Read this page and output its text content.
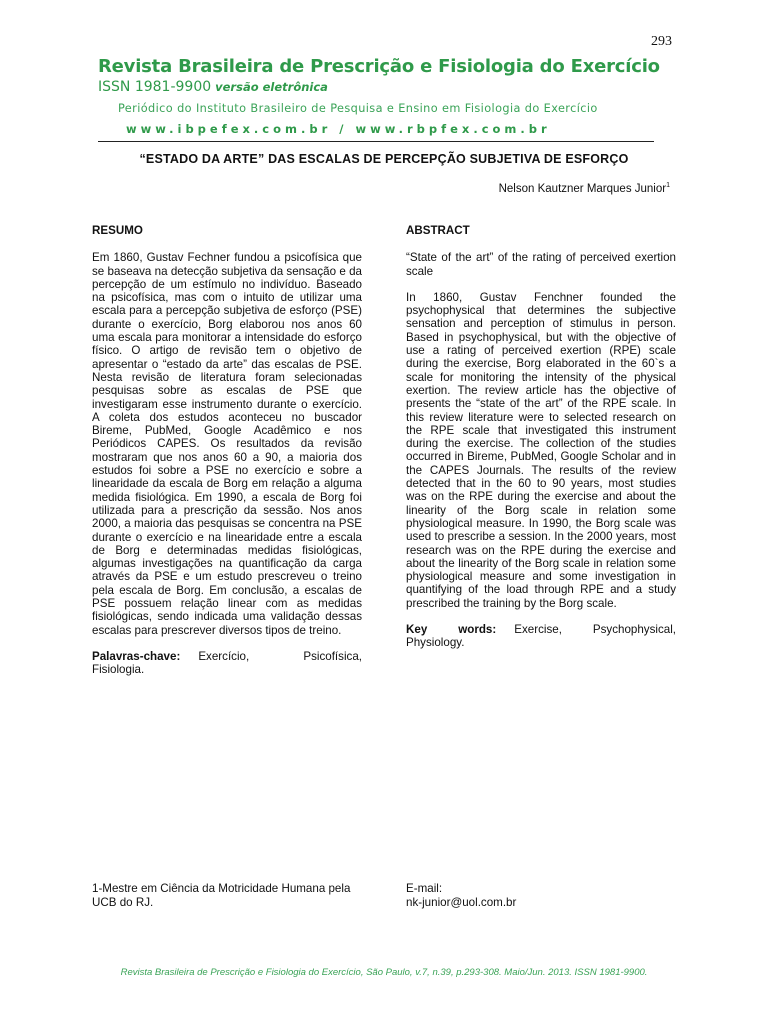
293
Revista Brasileira de Prescrição e Fisiologia do Exercício
ISSN 1981-9900 versão eletrônica
Periódico do Instituto Brasileiro de Pesquisa e Ensino em Fisiologia do Exercício
www.ibpefex.com.br / www.rbpfex.com.br
“ESTADO DA ARTE” DAS ESCALAS DE PERCEPÇÃO SUBJETIVA DE ESFORÇO
Nelson Kautzner Marques Junior$^1$
RESUMO

Em 1860, Gustav Fechner fundou a psicofísica que se baseava na detecção subjetiva da sensação e da percepção de um estímulo no indivíduo. Baseado na psicofísica, mas com o intuito de utilizar uma escala para a percepção subjetiva de esforço (PSE) durante o exercício, Borg elaborou nos anos 60 uma escala para monitorar a intensidade do esforço físico. O artigo de revisão tem o objetivo de apresentar o “estado da arte” das escalas de PSE. Nesta revisão de literatura foram selecionadas pesquisas sobre as escalas de PSE que investigaram esse instrumento durante o exercício. A coleta dos estudos aconteceu no buscador Bireme, PubMed, Google Acadêmico e nos Periódicos CAPES. Os resultados da revisão mostraram que nos anos 60 a 90, a maioria dos estudos foi sobre a PSE no exercício e sobre a linearidade da escala de Borg em relação a alguma medida fisiológica. Em 1990, a escala de Borg foi utilizada para a prescrição da sessão. Nos anos 2000, a maioria das pesquisas se concentra na PSE durante o exercício e na linearidade entre a escala de Borg e determinadas medidas fisiológicas, algumas investigações na quantificação da carga através da PSE e um estudo prescreveu o treino pela escala de Borg. Em conclusão, a escalas de PSE possuem relação linear com as medidas fisiológicas, sendo indicada uma validação dessas escalas para prescrever diversos tipos de treino.

Palavras-chave: Exercício, Psicofísica, Fisiologia.

ABSTRACT

“State of the art” of the rating of perceived exertion scale

In 1860, Gustav Fenchner founded the psychophysical that determines the subjective sensation and perception of stimulus in person. Based in psychophysical, but with the objective of use a rating of perceived exertion (RPE) scale during the exercise, Borg elaborated in the 60`s a scale for monitoring the intensity of the physical exertion. The review article has the objective of presents the “state of the art” of the RPE scale. In this review literature were to selected research on the RPE scale that investigated this instrument during the exercise. The collection of the studies occurred in Bireme, PubMed, Google Scholar and in the CAPES Journals. The results of the review detected that in the 60 to 90 years, most studies was on the RPE during the exercise and about the linearity of the Borg scale in relation some physiological measure. In 1990, the Borg scale was used to prescribe a session. In the 2000 years, most research was on the RPE during the exercise and about the linearity of the Borg scale in relation some physiological measure and some investigation in quantifying of the load through RPE and a study prescribed the training by the Borg scale.

Key words: Exercise, Psychophysical, Physiology.

1-Mestre em Ciência da Motricidade Humana pela UCB do RJ.
E-mail:
nk-junior@uol.com.br
Revista Brasileira de Prescrição e Fisiologia do Exercício, São Paulo, v.7, n.39, p.293-308. Maio/Jun. 2013. ISSN 1981-9900.
